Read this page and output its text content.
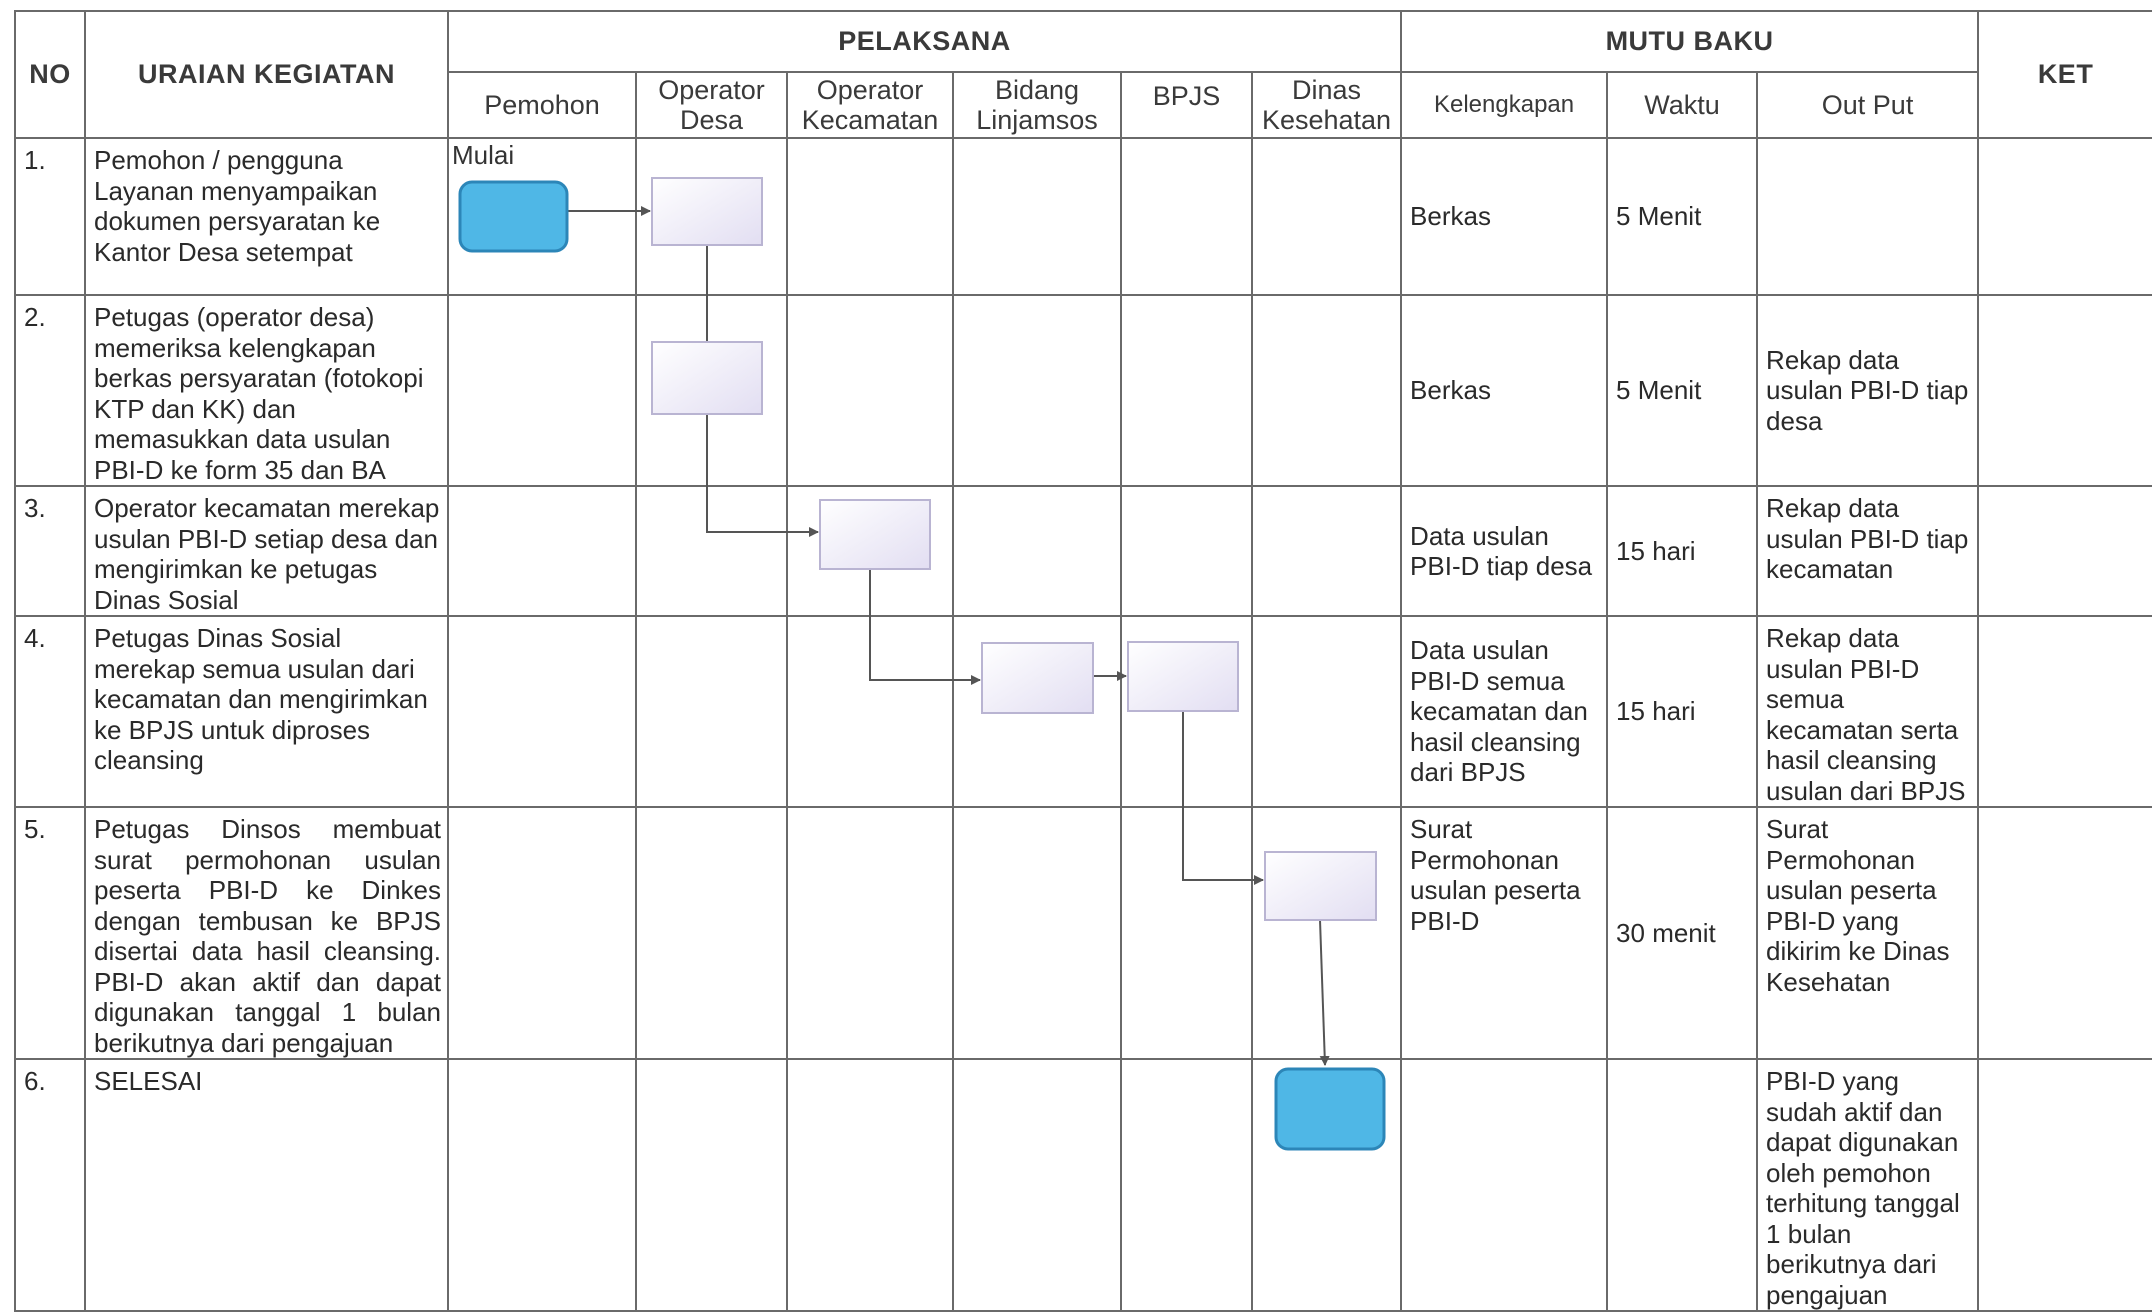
NO	URAIAN KEGIATAN	PELAKSANA						MUTU BAKU			KET
		Pemohon	Operator Desa	Operator Kecamatan	Bidang Linjamsos	BPJS	Dinas Kesehatan	Kelengkapan	Waktu	Out Put	
1.	Pemohon / pengguna Layanan menyampaikan dokumen persyaratan ke Kantor Desa setempat							Berkas	5 Menit		
2.	Petugas (operator desa) memeriksa kelengkapan berkas persyaratan (fotokopi KTP dan KK) dan memasukkan data usulan PBI-D ke form 35 dan BA							Berkas	5 Menit	Rekap data usulan PBI-D tiap desa	
3.	Operator kecamatan merekap usulan PBI-D setiap desa dan mengirimkan ke petugas Dinas Sosial							Data usulan PBI-D tiap desa	15 hari	Rekap data usulan PBI-D tiap kecamatan	
4.	Petugas Dinas Sosial merekap semua usulan dari kecamatan dan mengirimkan ke BPJS untuk diproses cleansing							Data usulan PBI-D semua kecamatan dan hasil cleansing dari BPJS	15 hari	Rekap data usulan PBI-D semua kecamatan serta hasil cleansing usulan dari BPJS	
5.	Petugas Dinsos membuat surat permohonan usulan peserta PBI-D ke Dinkes dengan tembusan ke BPJS disertai data hasil cleansing. PBI-D akan aktif dan dapat digunakan tanggal 1 bulan berikutnya dari pengajuan							Surat Permohonan usulan peserta PBI-D	30 menit	Surat Permohonan usulan peserta PBI-D yang dikirim ke Dinas Kesehatan	
6.	SELESAI									PBI-D yang sudah aktif dan dapat digunakan oleh pemohon terhitung tanggal 1 bulan berikutnya dari pengajuan	
Mulai
